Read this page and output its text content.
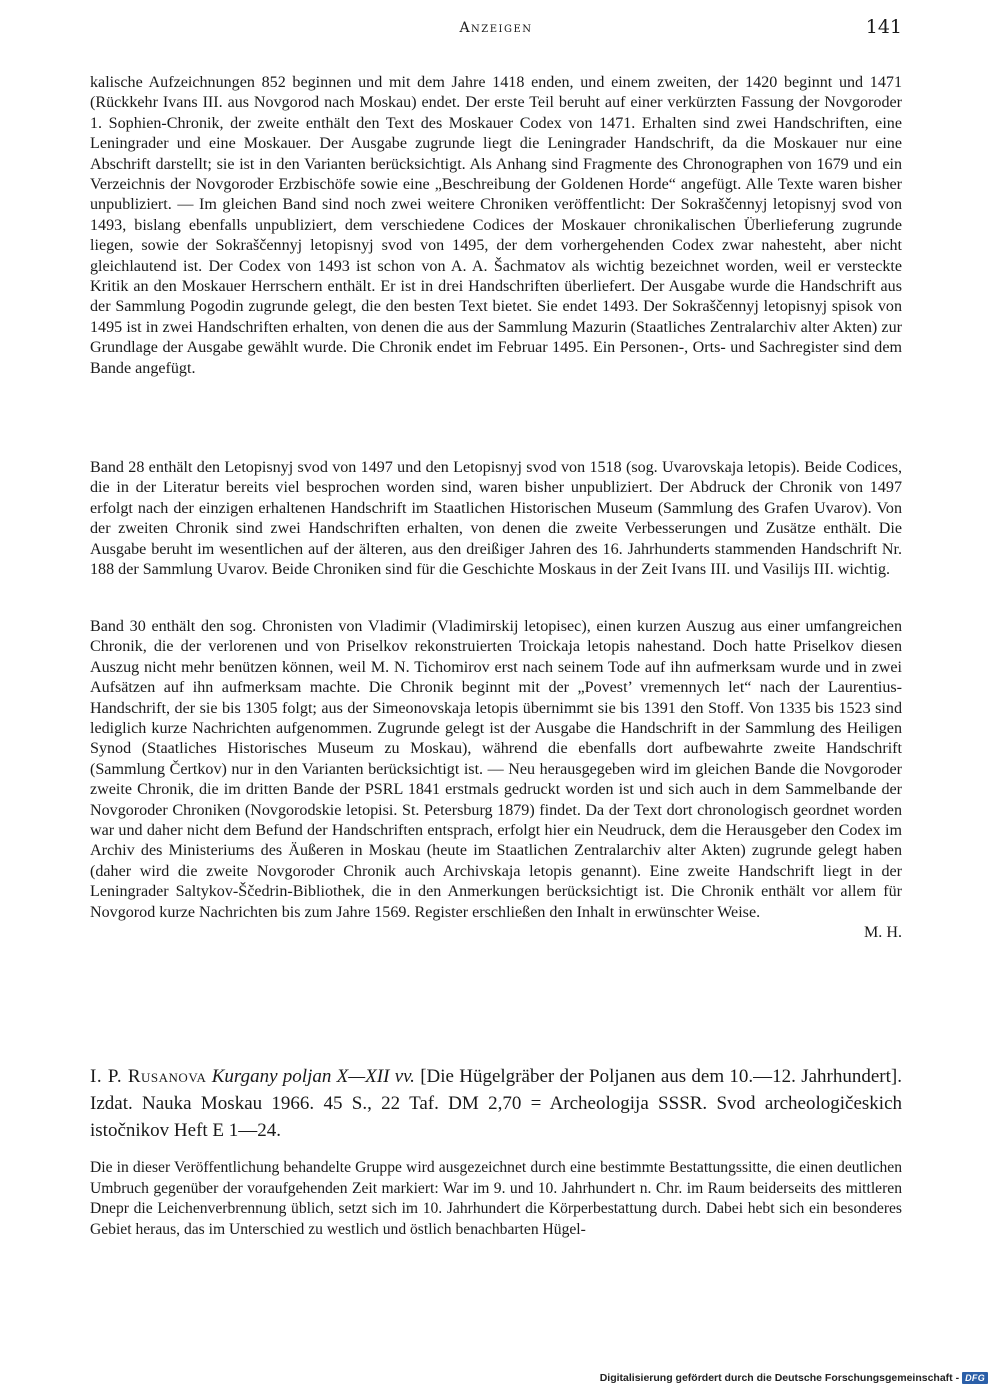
Anzeigen	141

kalische Aufzeichnungen 852 beginnen und mit dem Jahre 1418 enden, und einem zweiten, der 1420 beginnt und 1471 (Rückkehr Ivans III. aus Novgorod nach Moskau) endet. Der erste Teil beruht auf einer verkürzten Fassung der Novgoroder 1. Sophien-Chronik, der zweite enthält den Text des Moskauer Codex von 1471. Erhalten sind zwei Handschriften, eine Leningrader und eine Moskauer. Der Ausgabe zugrunde liegt die Leningrader Handschrift, da die Moskauer nur eine Abschrift darstellt; sie ist in den Varianten berücksichtigt. Als Anhang sind Fragmente des Chronographen von 1679 und ein Verzeichnis der Novgoroder Erzbischöfe sowie eine „Beschreibung der Goldenen Horde“ angefügt. Alle Texte waren bisher unpubliziert. — Im gleichen Band sind noch zwei weitere Chroniken veröffentlicht: Der Sokraščennyj letopisnyj svod von 1493, bislang ebenfalls unpubliziert, dem verschiedene Codices der Moskauer chronikalischen Überlieferung zugrunde liegen, sowie der Sokraščennyj letopisnyj svod von 1495, der dem vorhergehenden Codex zwar nahesteht, aber nicht gleichlautend ist. Der Codex von 1493 ist schon von A. A. Šachmatov als wichtig bezeichnet worden, weil er versteckte Kritik an den Moskauer Herrschern enthält. Er ist in drei Handschriften überliefert. Der Ausgabe wurde die Handschrift aus der Sammlung Pogodin zugrunde gelegt, die den besten Text bietet. Sie endet 1493. Der Sokraščennyj letopisnyj spisok von 1495 ist in zwei Handschriften erhalten, von denen die aus der Sammlung Mazurin (Staatliches Zentralarchiv alter Akten) zur Grundlage der Ausgabe gewählt wurde. Die Chronik endet im Februar 1495. Ein Personen-, Orts- und Sachregister sind dem Bande angefügt.

Band 28 enthält den Letopisnyj svod von 1497 und den Letopisnyj svod von 1518 (sog. Uvarovskaja letopis). Beide Codices, die in der Literatur bereits viel besprochen worden sind, waren bisher unpubliziert. Der Abdruck der Chronik von 1497 erfolgt nach der einzigen erhaltenen Handschrift im Staatlichen Historischen Museum (Sammlung des Grafen Uvarov). Von der zweiten Chronik sind zwei Handschriften erhalten, von denen die zweite Verbesserungen und Zusätze enthält. Die Ausgabe beruht im wesentlichen auf der älteren, aus den dreißiger Jahren des 16. Jahrhunderts stammenden Handschrift Nr. 188 der Sammlung Uvarov. Beide Chroniken sind für die Geschichte Moskaus in der Zeit Ivans III. und Vasilijs III. wichtig.

Band 30 enthält den sog. Chronisten von Vladimir (Vladimirskij letopisec), einen kurzen Auszug aus einer umfangreichen Chronik, die der verlorenen und von Priselkov rekonstruierten Troickaja letopis nahestand. Doch hatte Priselkov diesen Auszug nicht mehr benützen können, weil M. N. Tichomirov erst nach seinem Tode auf ihn aufmerksam wurde und in zwei Aufsätzen auf ihn aufmerksam machte. Die Chronik beginnt mit der „Povest’ vremennych let“ nach der Laurentius-Handschrift, der sie bis 1305 folgt; aus der Simeonovskaja letopis übernimmt sie bis 1391 den Stoff. Von 1335 bis 1523 sind lediglich kurze Nachrichten aufgenommen. Zugrunde gelegt ist der Ausgabe die Handschrift in der Sammlung des Heiligen Synod (Staatliches Historisches Museum zu Moskau), während die ebenfalls dort aufbewahrte zweite Handschrift (Sammlung Čertkov) nur in den Varianten berücksichtigt ist. — Neu herausgegeben wird im gleichen Bande die Novgoroder zweite Chronik, die im dritten Bande der PSRL 1841 erstmals gedruckt worden ist und sich auch in dem Sammelbande der Novgoroder Chroniken (Novgorodskie letopisi. St. Petersburg 1879) findet. Da der Text dort chronologisch geordnet worden war und daher nicht dem Befund der Handschriften entsprach, erfolgt hier ein Neudruck, dem die Herausgeber den Codex im Archiv des Ministeriums des Äußeren in Moskau (heute im Staatlichen Zentralarchiv alter Akten) zugrunde gelegt haben (daher wird die zweite Novgoroder Chronik auch Archivskaja letopis genannt). Eine zweite Handschrift liegt in der Leningrader Saltykov-Ščedrin-Bibliothek, die in den Anmerkungen berücksichtigt ist. Die Chronik enthält vor allem für Novgorod kurze Nachrichten bis zum Jahre 1569. Register erschließen den Inhalt in erwünschter Weise.

M. H.
I. P. Rusanova Kurgany poljan X—XII vv. [Die Hügelgräber der Poljanen aus dem 10.—12. Jahrhundert]. Izdat. Nauka Moskau 1966. 45 S., 22 Taf. DM 2,70 = Archeologija SSSR. Svod archeologičeskich istočnikov Heft E 1—24.

Die in dieser Veröffentlichung behandelte Gruppe wird ausgezeichnet durch eine bestimmte Bestattungssitte, die einen deutlichen Umbruch gegenüber der voraufgehenden Zeit markiert: War im 9. und 10. Jahrhundert n. Chr. im Raum beiderseits des mittleren Dnepr die Leichenverbrennung üblich, setzt sich im 10. Jahrhundert die Körperbestattung durch. Dabei hebt sich ein besonderes Gebiet heraus, das im Unterschied zu westlich und östlich benachbarten Hügel-

Digitalisierung gefördert durch die Deutsche Forschungsgemeinschaft - DFG
